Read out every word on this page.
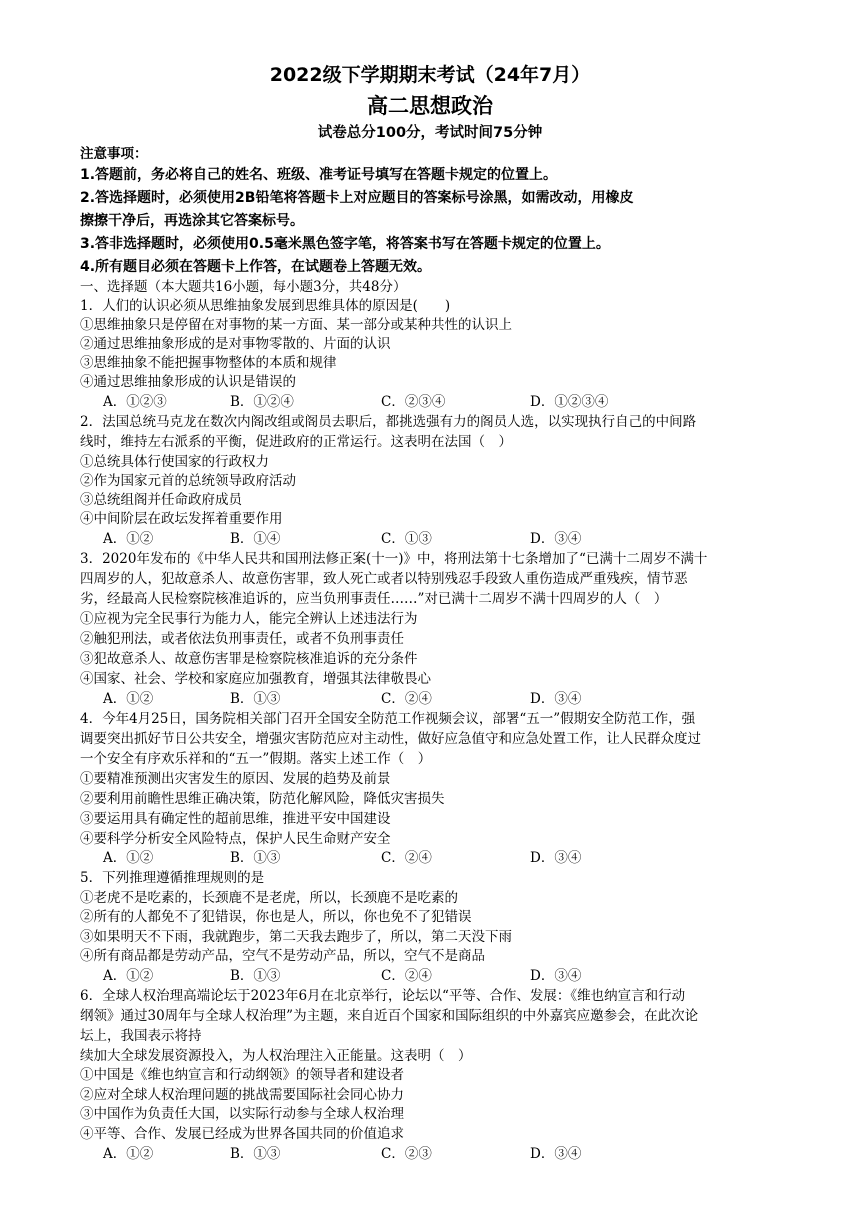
2022级下学期期末考试（24年7月）
高二思想政治
试卷总分100分，考试时间75分钟
注意事项：
1.答题前，务必将自己的姓名、班级、准考证号填写在答题卡规定的位置上。
2.答选择题时，必须使用2B铅笔将答题卡上对应题目的答案标号涂黑，如需改动，用橡皮
擦擦干净后，再选涂其它答案标号。
3.答非选择题时，必须使用0.5毫米黑色签字笔，将答案书写在答题卡规定的位置上。
4.所有题目必须在答题卡上作答，在试题卷上答题无效。
一、选择题（本大题共16小题，每小题3分，共48分）
1．人们的认识必须从思维抽象发展到思维具体的原因是(　　)
①思维抽象只是停留在对事物的某一方面、某一部分或某种共性的认识上
②通过思维抽象形成的是对事物零散的、片面的认识
③思维抽象不能把握事物整体的本质和规律
④通过思维抽象形成的认识是错误的
A．①②③	B．①②④	C．②③④	D．①②③④
2．法国总统马克龙在数次内阁改组或阁员去职后，都挑选强有力的阁员人选，以实现执行自己的中间路
线时，维持左右派系的平衡，促进政府的正常运行。这表明在法国（　）
①总统具体行使国家的行政权力
②作为国家元首的总统领导政府活动
③总统组阁并任命政府成员
④中间阶层在政坛发挥着重要作用
A．①②	B．①④	C．①③	D．③④
3．2020年发布的《中华人民共和国刑法修正案(十一)》中，将刑法第十七条增加了“已满十二周岁不满十
四周岁的人，犯故意杀人、故意伤害罪，致人死亡或者以特别残忍手段致人重伤造成严重残疾，情节恶
劣，经最高人民检察院核准追诉的，应当负刑事责任……”对已满十二周岁不满十四周岁的人（　）
①应视为完全民事行为能力人，能完全辨认上述违法行为
②触犯刑法，或者依法负刑事责任，或者不负刑事责任
③犯故意杀人、故意伤害罪是检察院核准追诉的充分条件
④国家、社会、学校和家庭应加强教育，增强其法律敬畏心
A．①②	B．①③	C．②④	D．③④
4．今年4月25日，国务院相关部门召开全国安全防范工作视频会议，部署“五一”假期安全防范工作，强
调要突出抓好节日公共安全，增强灾害防范应对主动性，做好应急值守和应急处置工作，让人民群众度过
一个安全有序欢乐祥和的“五一”假期。落实上述工作（　）
①要精准预测出灾害发生的原因、发展的趋势及前景
②要利用前瞻性思维正确决策，防范化解风险，降低灾害损失
③要运用具有确定性的超前思维，推进平安中国建设
④要科学分析安全风险特点，保护人民生命财产安全
A．①②	B．①③	C．②④	D．③④
5．下列推理遵循推理规则的是
①老虎不是吃素的，长颈鹿不是老虎，所以，长颈鹿不是吃素的
②所有的人都免不了犯错误，你也是人，所以，你也免不了犯错误
③如果明天不下雨，我就跑步，第二天我去跑步了，所以，第二天没下雨
④所有商品都是劳动产品，空气不是劳动产品，所以，空气不是商品
A．①②	B．①③	C．②④	D．③④
6．全球人权治理高端论坛于2023年6月在北京举行，论坛以“平等、合作、发展：《维也纳宣言和行动
纲领》通过30周年与全球人权治理”为主题，来自近百个国家和国际组织的中外嘉宾应邀参会，在此次论
坛上，我国表示将持
续加大全球发展资源投入，为人权治理注入正能量。这表明（　）
①中国是《维也纳宣言和行动纲领》的领导者和建设者
②应对全球人权治理问题的挑战需要国际社会同心协力
③中国作为负责任大国，以实际行动参与全球人权治理
④平等、合作、发展已经成为世界各国共同的价值追求
A．①②	B．①③	C．②③	D．③④
